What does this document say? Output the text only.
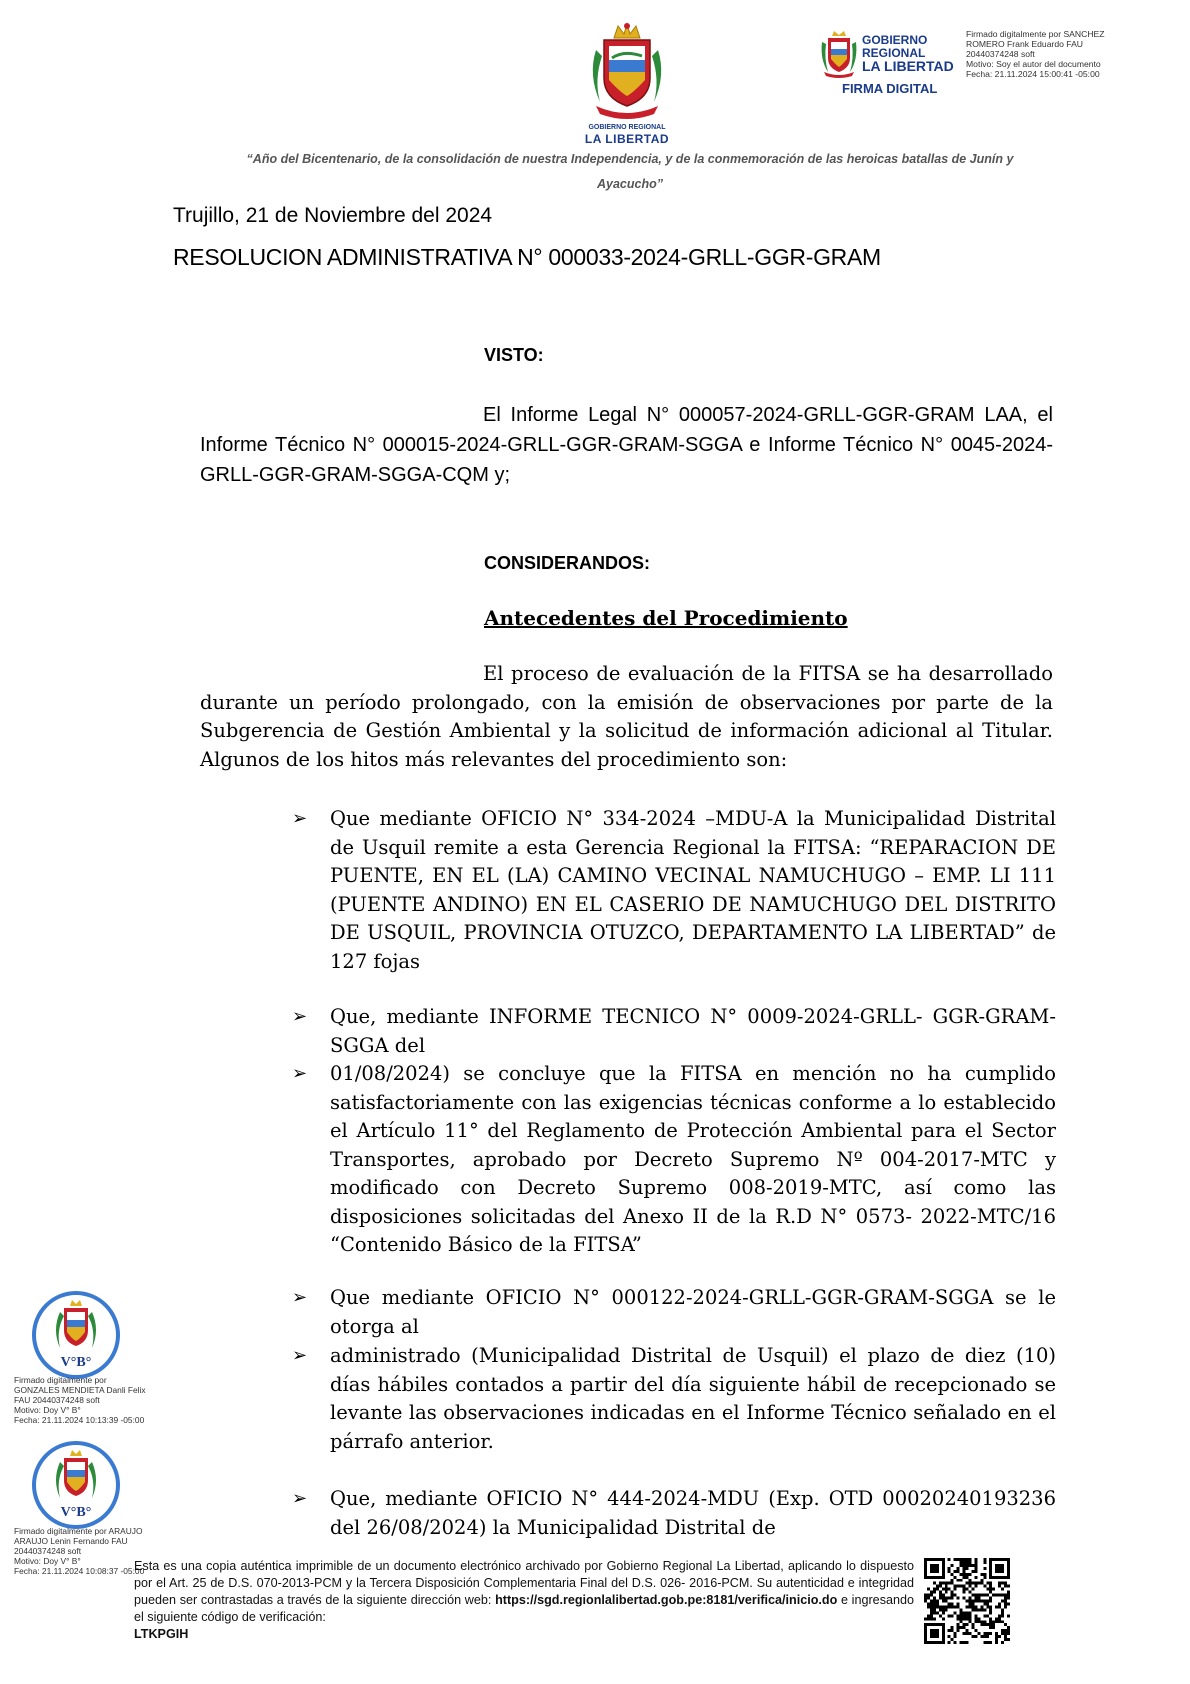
GOBIERNO REGIONAL
LA LIBERTAD
GOBIERNO
REGIONAL
LA LIBERTAD
FIRMA DIGITAL
Firmado digitalmente por SANCHEZ
ROMERO Frank Eduardo FAU
20440374248 soft
Motivo: Soy el autor del documento
Fecha: 21.11.2024 15:00:41 -05:00
“Año del Bicentenario, de la consolidación de nuestra Independencia, y de la conmemoración de las heroicas batallas de Junín y
Ayacucho”
Trujillo, 21 de Noviembre del 2024
RESOLUCION ADMINISTRATIVA N° 000033-2024-GRLL-GGR-GRAM
VISTO:
El Informe Legal N° 000057-2024-GRLL-GGR-GRAM LAA, el Informe Técnico N° 000015-2024-GRLL-GGR-GRAM-SGGA e Informe Técnico N° 0045-2024-GRLL-GGR-GRAM-SGGA-CQM y;
CONSIDERANDOS:
Antecedentes del Procedimiento
El proceso de evaluación de la FITSA se ha desarrollado durante un período prolongado, con la emisión de observaciones por parte de la Subgerencia de Gestión Ambiental y la solicitud de información adicional al Titular. Algunos de los hitos más relevantes del procedimiento son:
➢ Que mediante OFICIO N° 334-2024 –MDU-A la Municipalidad Distrital de Usquil remite a esta Gerencia Regional la FITSA: “REPARACION DE PUENTE, EN EL (LA) CAMINO VECINAL NAMUCHUGO – EMP. LI 111 (PUENTE ANDINO) EN EL CASERIO DE NAMUCHUGO DEL DISTRITO DE USQUIL, PROVINCIA OTUZCO, DEPARTAMENTO LA LIBERTAD” de 127 fojas
➢ Que, mediante INFORME TECNICO N° 0009-2024-GRLL- GGR-GRAM-SGGA del
➢ 01/08/2024) se concluye que la FITSA en mención no ha cumplido satisfactoriamente con las exigencias técnicas conforme a lo establecido el Artículo 11° del Reglamento de Protección Ambiental para el Sector Transportes, aprobado por Decreto Supremo Nº 004-2017-MTC y modificado con Decreto Supremo 008-2019-MTC, así como las disposiciones solicitadas del Anexo II de la R.D N° 0573- 2022-MTC/16 “Contenido Básico de la FITSA”
➢ Que mediante OFICIO N° 000122-2024-GRLL-GGR-GRAM-SGGA se le otorga al
➢ administrado (Municipalidad Distrital de Usquil) el plazo de diez (10) días hábiles contados a partir del día siguiente hábil de recepcionado se levante las observaciones indicadas en el Informe Técnico señalado en el párrafo anterior.
➢ Que, mediante OFICIO N° 444-2024-MDU (Exp. OTD 00020240193236 del 26/08/2024) la Municipalidad Distrital de
V°B°
Firmado digitalmente por
GONZALES MENDIETA Danli Felix
FAU 20440374248 soft
Motivo: Doy V° B°
Fecha: 21.11.2024 10:13:39 -05:00
V°B°
Firmado digitalmente por ARAUJO
ARAUJO Lenin Fernando FAU
20440374248 soft
Motivo: Doy V° B°
Fecha: 21.11.2024 10:08:37 -05:00
Esta es una copia auténtica imprimible de un documento electrónico archivado por Gobierno Regional La Libertad, aplicando lo dispuesto por el Art. 25 de D.S. 070-2013-PCM y la Tercera Disposición Complementaria Final del D.S. 026- 2016-PCM. Su autenticidad e integridad pueden ser contrastadas a través de la siguiente dirección web: https://sgd.regionlalibertad.gob.pe:8181/verifica/inicio.do e ingresando el siguiente código de verificación:
LTKPGIH
